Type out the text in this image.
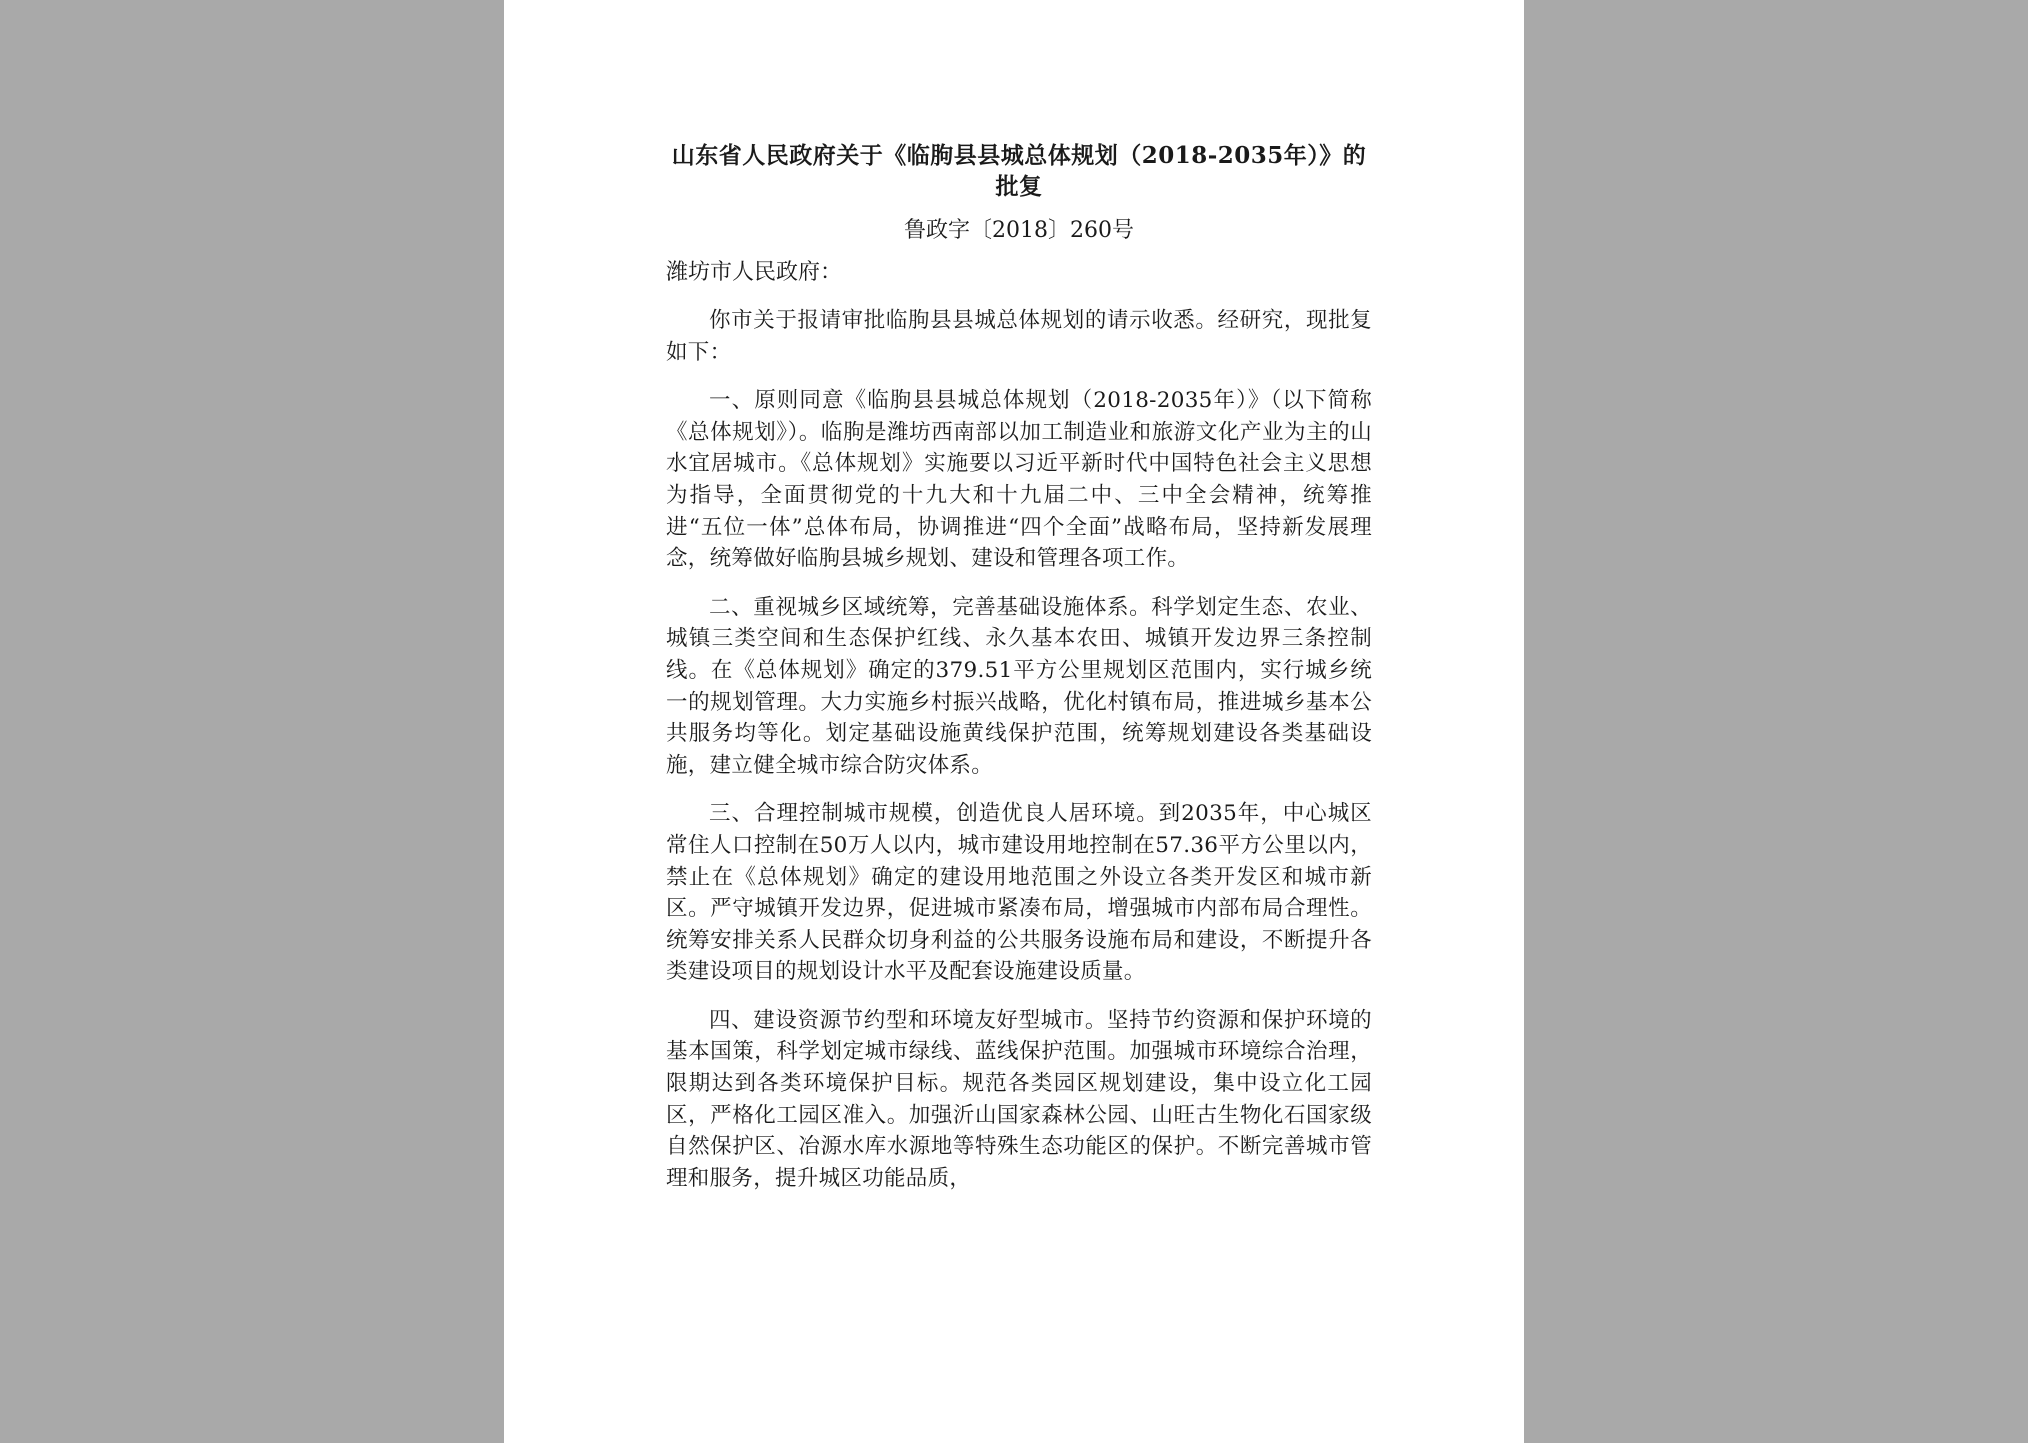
山东省人民政府关于《临朐县县城总体规划（2018-2035年）》的批复

鲁政字〔2018〕260号

潍坊市人民政府：

你市关于报请审批临朐县县城总体规划的请示收悉。经研究，现批复如下：

一、原则同意《临朐县县城总体规划（2018-2035年）》（以下简称《总体规划》）。临朐是潍坊西南部以加工制造业和旅游文化产业为主的山水宜居城市。《总体规划》实施要以习近平新时代中国特色社会主义思想为指导，全面贯彻党的十九大和十九届二中、三中全会精神，统筹推进“五位一体”总体布局，协调推进“四个全面”战略布局，坚持新发展理念，统筹做好临朐县城乡规划、建设和管理各项工作。

二、重视城乡区域统筹，完善基础设施体系。科学划定生态、农业、城镇三类空间和生态保护红线、永久基本农田、城镇开发边界三条控制线。在《总体规划》确定的379.51平方公里规划区范围内，实行城乡统一的规划管理。大力实施乡村振兴战略，优化村镇布局，推进城乡基本公共服务均等化。划定基础设施黄线保护范围，统筹规划建设各类基础设施，建立健全城市综合防灾体系。

三、合理控制城市规模，创造优良人居环境。到2035年，中心城区常住人口控制在50万人以内，城市建设用地控制在57.36平方公里以内，禁止在《总体规划》确定的建设用地范围之外设立各类开发区和城市新区。严守城镇开发边界，促进城市紧凑布局，增强城市内部布局合理性。统筹安排关系人民群众切身利益的公共服务设施布局和建设，不断提升各类建设项目的规划设计水平及配套设施建设质量。

四、建设资源节约型和环境友好型城市。坚持节约资源和保护环境的基本国策，科学划定城市绿线、蓝线保护范围。加强城市环境综合治理，限期达到各类环境保护目标。规范各类园区规划建设，集中设立化工园区，严格化工园区准入。加强沂山国家森林公园、山旺古生物化石国家级自然保护区、冶源水库水源地等特殊生态功能区的保护。不断完善城市管理和服务，提升城区功能品质，
